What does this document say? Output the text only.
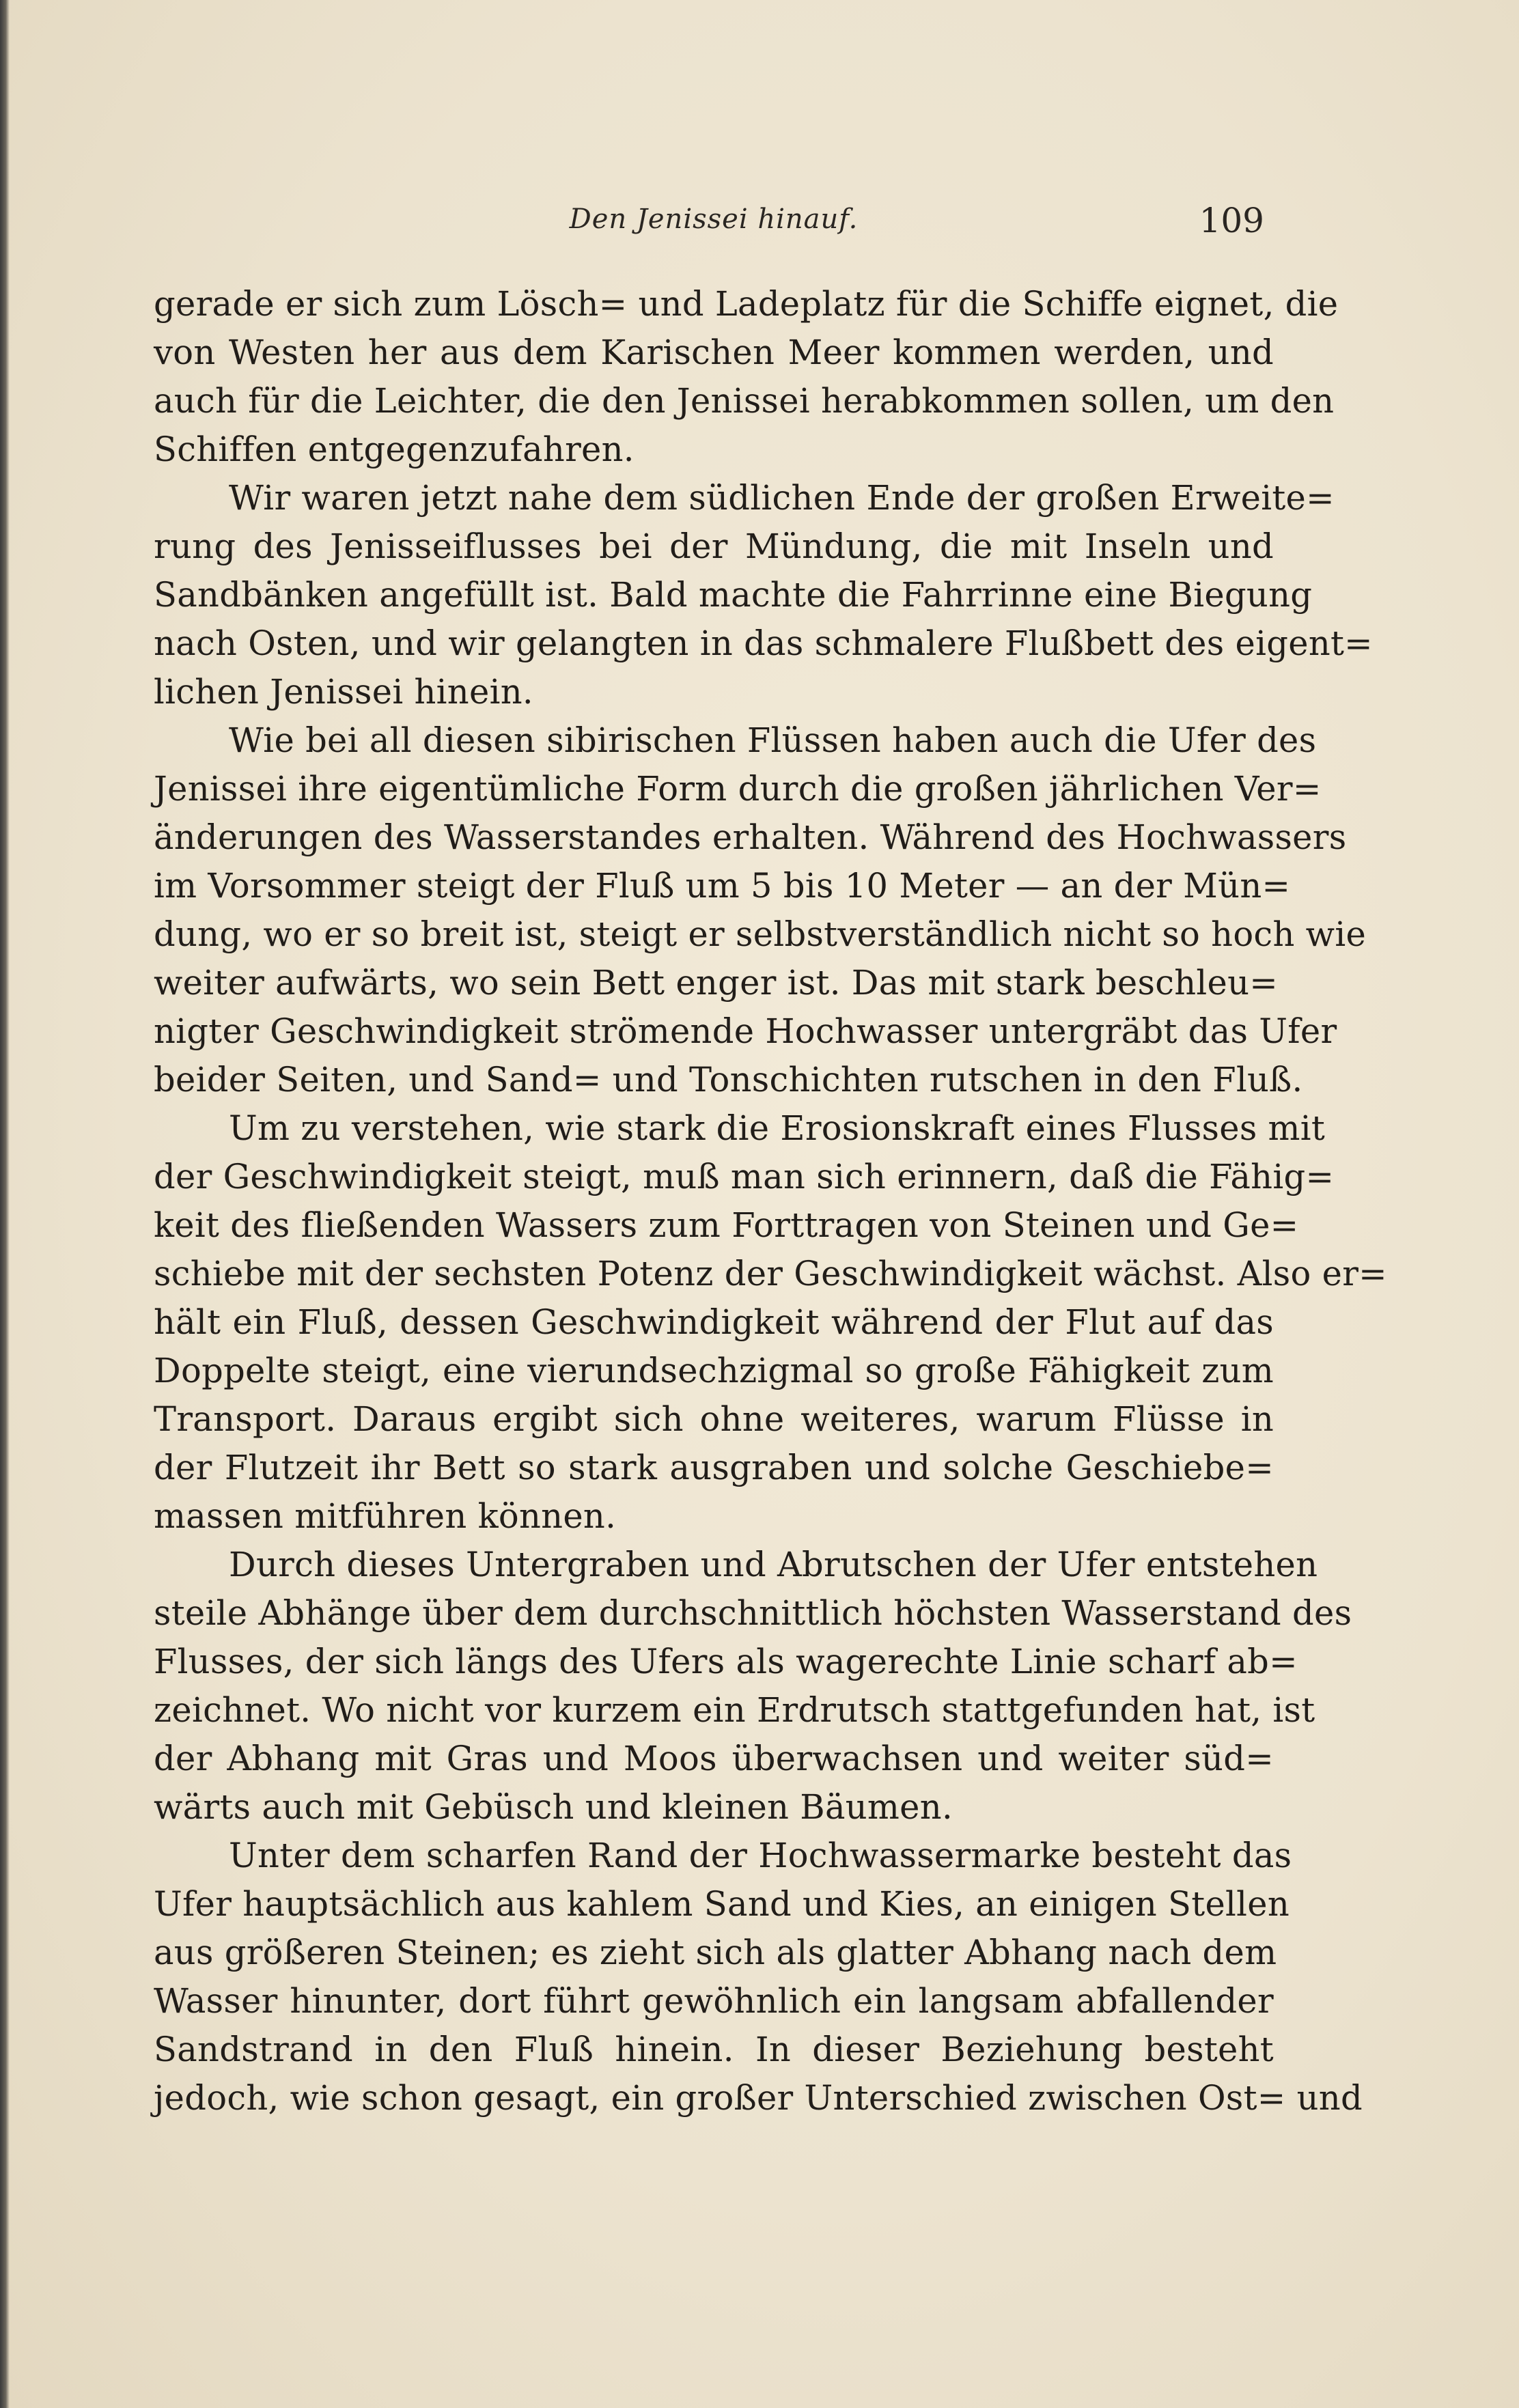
Den Jenissei hinauf.	109
gerade er sich zum Lösch= und Ladeplatz für die Schiffe eignet, die
von Westen her aus dem Karischen Meer kommen werden, und
auch für die Leichter, die den Jenissei herabkommen sollen, um den
Schiffen entgegenzufahren.
Wir waren jetzt nahe dem südlichen Ende der großen Erweite=
rung des Jenisseiflusses bei der Mündung, die mit Inseln und
Sandbänken angefüllt ist. Bald machte die Fahrrinne eine Biegung
nach Osten, und wir gelangten in das schmalere Flußbett des eigent=
lichen Jenissei hinein.
Wie bei all diesen sibirischen Flüssen haben auch die Ufer des
Jenissei ihre eigentümliche Form durch die großen jährlichen Ver=
änderungen des Wasserstandes erhalten. Während des Hochwassers
im Vorsommer steigt der Fluß um 5 bis 10 Meter — an der Mün=
dung, wo er so breit ist, steigt er selbstverständlich nicht so hoch wie
weiter aufwärts, wo sein Bett enger ist. Das mit stark beschleu=
nigter Geschwindigkeit strömende Hochwasser untergräbt das Ufer
beider Seiten, und Sand= und Tonschichten rutschen in den Fluß.
Um zu verstehen, wie stark die Erosionskraft eines Flusses mit
der Geschwindigkeit steigt, muß man sich erinnern, daß die Fähig=
keit des fließenden Wassers zum Forttragen von Steinen und Ge=
schiebe mit der sechsten Potenz der Geschwindigkeit wächst. Also er=
hält ein Fluß, dessen Geschwindigkeit während der Flut auf das
Doppelte steigt, eine vierundsechzigmal so große Fähigkeit zum
Transport. Daraus ergibt sich ohne weiteres, warum Flüsse in
der Flutzeit ihr Bett so stark ausgraben und solche Geschiebe=
massen mitführen können.
Durch dieses Untergraben und Abrutschen der Ufer entstehen
steile Abhänge über dem durchschnittlich höchsten Wasserstand des
Flusses, der sich längs des Ufers als wagerechte Linie scharf ab=
zeichnet. Wo nicht vor kurzem ein Erdrutsch stattgefunden hat, ist
der Abhang mit Gras und Moos überwachsen und weiter süd=
wärts auch mit Gebüsch und kleinen Bäumen.
Unter dem scharfen Rand der Hochwassermarke besteht das
Ufer hauptsächlich aus kahlem Sand und Kies, an einigen Stellen
aus größeren Steinen; es zieht sich als glatter Abhang nach dem
Wasser hinunter, dort führt gewöhnlich ein langsam abfallender
Sandstrand in den Fluß hinein. In dieser Beziehung besteht
jedoch, wie schon gesagt, ein großer Unterschied zwischen Ost= und
